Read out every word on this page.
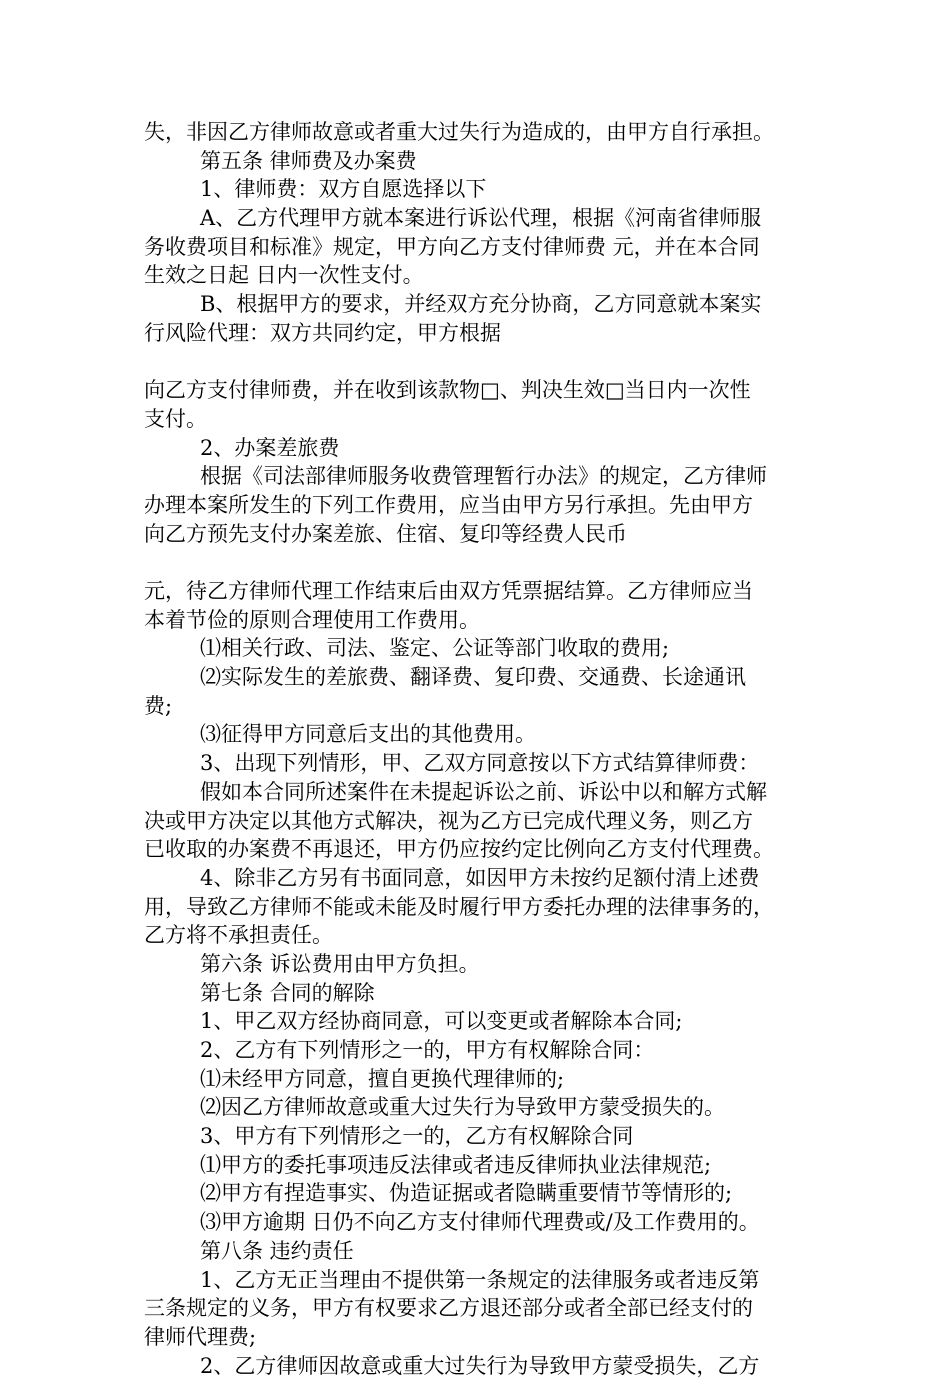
失，非因乙方律师故意或者重大过失行为造成的，由甲方自行承担。
第五条 律师费及办案费
1、律师费：双方自愿选择以下
A、乙方代理甲方就本案进行诉讼代理，根据《河南省律师服
务收费项目和标准》规定，甲方向乙方支付律师费 元，并在本合同
生效之日起 日内一次性支付。
B、根据甲方的要求，并经双方充分协商，乙方同意就本案实
行风险代理：双方共同约定，甲方根据
向乙方支付律师费，并在收到该款物□、判决生效□当日内一次性
支付。
2、办案差旅费
根据《司法部律师服务收费管理暂行办法》的规定，乙方律师
办理本案所发生的下列工作费用，应当由甲方另行承担。先由甲方
向乙方预先支付办案差旅、住宿、复印等经费人民币
元，待乙方律师代理工作结束后由双方凭票据结算。乙方律师应当
本着节俭的原则合理使用工作费用。
⑴相关行政、司法、鉴定、公证等部门收取的费用;
⑵实际发生的差旅费、翻译费、复印费、交通费、长途通讯
费;
⑶征得甲方同意后支出的其他费用。
3、出现下列情形，甲、乙双方同意按以下方式结算律师费：
假如本合同所述案件在未提起诉讼之前、诉讼中以和解方式解
决或甲方决定以其他方式解决，视为乙方已完成代理义务，则乙方
已收取的办案费不再退还，甲方仍应按约定比例向乙方支付代理费。
4、除非乙方另有书面同意，如因甲方未按约足额付清上述费
用，导致乙方律师不能或未能及时履行甲方委托办理的法律事务的，
乙方将不承担责任。
第六条 诉讼费用由甲方负担。
第七条 合同的解除
1、甲乙双方经协商同意，可以变更或者解除本合同;
2、乙方有下列情形之一的，甲方有权解除合同：
⑴未经甲方同意，擅自更换代理律师的;
⑵因乙方律师故意或重大过失行为导致甲方蒙受损失的。
3、甲方有下列情形之一的，乙方有权解除合同
⑴甲方的委托事项违反法律或者违反律师执业法律规范;
⑵甲方有捏造事实、伪造证据或者隐瞒重要情节等情形的;
⑶甲方逾期 日仍不向乙方支付律师代理费或/及工作费用的。
第八条 违约责任
1、乙方无正当理由不提供第一条规定的法律服务或者违反第
三条规定的义务，甲方有权要求乙方退还部分或者全部已经支付的
律师代理费;
2、乙方律师因故意或重大过失行为导致甲方蒙受损失，乙方
